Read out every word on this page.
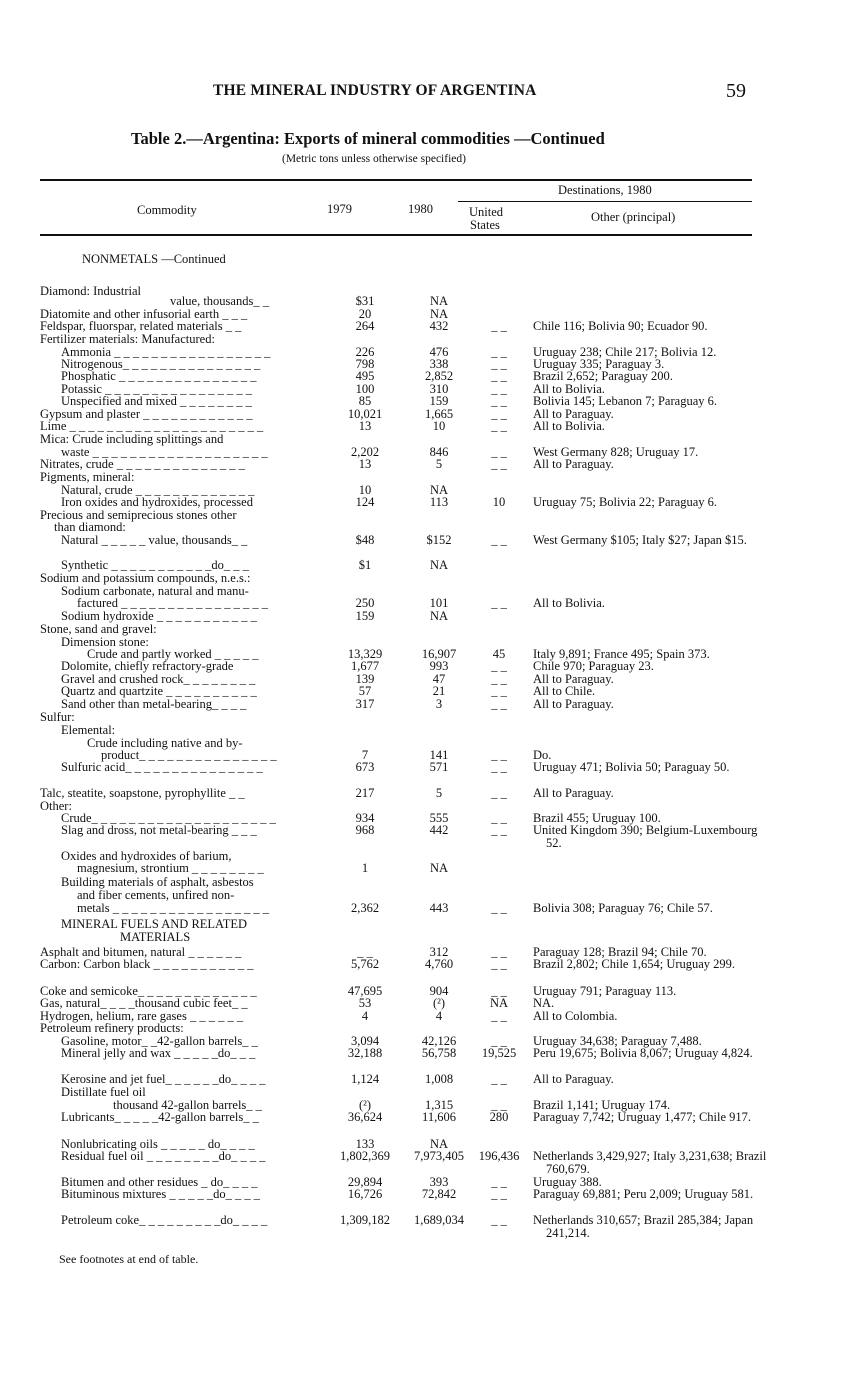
THE MINERAL INDUSTRY OF ARGENTINA	59
Table 2.—Argentina: Exports of mineral commodities —Continued
(Metric tons unless otherwise specified)
Commodity	1979	1980
Destinations, 1980
United
States
Other (principal)
NONMETALS —Continued
MINERAL FUELS AND RELATED
MATERIALS
Diamond: Industrial
value, thousands_ _	$31	NA
Diatomite and other infusorial earth _ _ _	20	NA
Feldspar, fluorspar, related materials _ _	264	432	_ _	Chile 116; Bolivia 90; Ecuador 90.
Fertilizer materials: Manufactured:
Ammonia _ _ _ _ _ _ _ _ _ _ _ _ _ _ _ _ _	226	476	_ _	Uruguay 238; Chile 217; Bolivia 12.
Nitrogenous_ _ _ _ _ _ _ _ _ _ _ _ _ _ _	798	338	_ _	Uruguay 335; Paraguay 3.
Phosphatic _ _ _ _ _ _ _ _ _ _ _ _ _ _ _	495	2,852	_ _	Brazil 2,652; Paraguay 200.
Potassic _ _ _ _ _ _ _ _ _ _ _ _ _ _ _ _	100	310	_ _	All to Bolivia.
Unspecified and mixed _ _ _ _ _ _ _ _	85	159	_ _	Bolivia 145; Lebanon 7; Paraguay 6.
Gypsum and plaster _ _ _ _ _ _ _ _ _ _ _ _	10,021	1,665	_ _	All to Paraguay.
Lime _ _ _ _ _ _ _ _ _ _ _ _ _ _ _ _ _ _ _ _ _	13	10	_ _	All to Bolivia.
Mica: Crude including splittings and
waste _ _ _ _ _ _ _ _ _ _ _ _ _ _ _ _ _ _ _	2,202	846	_ _	West Germany 828; Uruguay 17.
Nitrates, crude _ _ _ _ _ _ _ _ _ _ _ _ _ _	13	5	_ _	All to Paraguay.
Pigments, mineral:
Natural, crude _ _ _ _ _ _ _ _ _ _ _ _ _	10	NA
Iron oxides and hydroxides, processed	124	113	10	Uruguay 75; Bolivia 22; Paraguay 6.
Precious and semiprecious stones other
than diamond:
Natural _ _ _ _ _ value, thousands_ _	$48	$152	_ _	West Germany $105; Italy $27; Japan $15.
Synthetic _ _ _ _ _ _ _ _ _ _ _do_ _ _	$1	NA
Sodium and potassium compounds, n.e.s.:
Sodium carbonate, natural and manu-
factured _ _ _ _ _ _ _ _ _ _ _ _ _ _ _ _	250	101	_ _	All to Bolivia.
Sodium hydroxide _ _ _ _ _ _ _ _ _ _ _	159	NA
Stone, sand and gravel:
Dimension stone:
Crude and partly worked _ _ _ _ _	13,329	16,907	45	Italy 9,891; France 495; Spain 373.
Dolomite, chiefly refractory-grade	1,677	993	_ _	Chile 970; Paraguay 23.
Gravel and crushed rock_ _ _ _ _ _ _ _	139	47	_ _	All to Paraguay.
Quartz and quartzite _ _ _ _ _ _ _ _ _ _	57	21	_ _	All to Chile.
Sand other than metal-bearing_ _ _ _	317	3	_ _	All to Paraguay.
Sulfur:
Elemental:
Crude including native and by-
product_ _ _ _ _ _ _ _ _ _ _ _ _ _ _	7	141	_ _	Do.
Sulfuric acid_ _ _ _ _ _ _ _ _ _ _ _ _ _ _	673	571	_ _	Uruguay 471; Bolivia 50; Paraguay 50.
Talc, steatite, soapstone, pyrophyllite _ _	217	5	_ _	All to Paraguay.
Other:
Crude_ _ _ _ _ _ _ _ _ _ _ _ _ _ _ _ _ _ _ _	934	555	_ _	Brazil 455; Uruguay 100.
Slag and dross, not metal-bearing _ _ _	968	442	_ _	United Kingdom 390; Belgium-Luxembourg 52.
Oxides and hydroxides of barium,
magnesium, strontium _ _ _ _ _ _ _ _	1	NA
Building materials of asphalt, asbestos
and fiber cements, unfired non-
metals _ _ _ _ _ _ _ _ _ _ _ _ _ _ _ _ _	2,362	443	_ _	Bolivia 308; Paraguay 76; Chile 57.
Asphalt and bitumen, natural _ _ _ _ _ _	_ _	312	_ _	Paraguay 128; Brazil 94; Chile 70.
Carbon: Carbon black _ _ _ _ _ _ _ _ _ _ _	5,762	4,760	_ _	Brazil 2,802; Chile 1,654; Uruguay 299.
Coke and semicoke_ _ _ _ _ _ _ _ _ _ _ _ _	47,695	904	_ _	Uruguay 791; Paraguay 113.
Gas, natural_ _ _ _thousand cubic feet_ _	53	(²)	NA	NA.
Hydrogen, helium, rare gases _ _ _ _ _ _	4	4	_ _	All to Colombia.
Petroleum refinery products:
Gasoline, motor_ _42-gallon barrels_ _	3,094	42,126	_ _	Uruguay 34,638; Paraguay 7,488.
Mineral jelly and wax _ _ _ _ _do_ _ _	32,188	56,758	19,525	Peru 19,675; Bolivia 8,067; Uruguay 4,824.
Kerosine and jet fuel_ _ _ _ _ _do_ _ _ _	1,124	1,008	_ _	All to Paraguay.
Distillate fuel oil
thousand 42-gallon barrels_ _	(²)	1,315	_ _	Brazil 1,141; Uruguay 174.
Lubricants_ _ _ _ _42-gallon barrels_ _	36,624	11,606	280	Paraguay 7,742; Uruguay 1,477; Chile 917.
Nonlubricating oils _ _ _ _ _ do_ _ _ _	133	NA
Residual fuel oil _ _ _ _ _ _ _ _do_ _ _ _	1,802,369	7,973,405	196,436	Netherlands 3,429,927; Italy 3,231,638; Brazil 760,679.
Bitumen and other residues _ do_ _ _ _	29,894	393	_ _	Uruguay 388.
Bituminous mixtures _ _ _ _ _do_ _ _ _	16,726	72,842	_ _	Paraguay 69,881; Peru 2,009; Uruguay 581.
Petroleum coke_ _ _ _ _ _ _ _ _do_ _ _ _	1,309,182	1,689,034	_ _	Netherlands 310,657; Brazil 285,384; Japan 241,214.
See footnotes at end of table.
